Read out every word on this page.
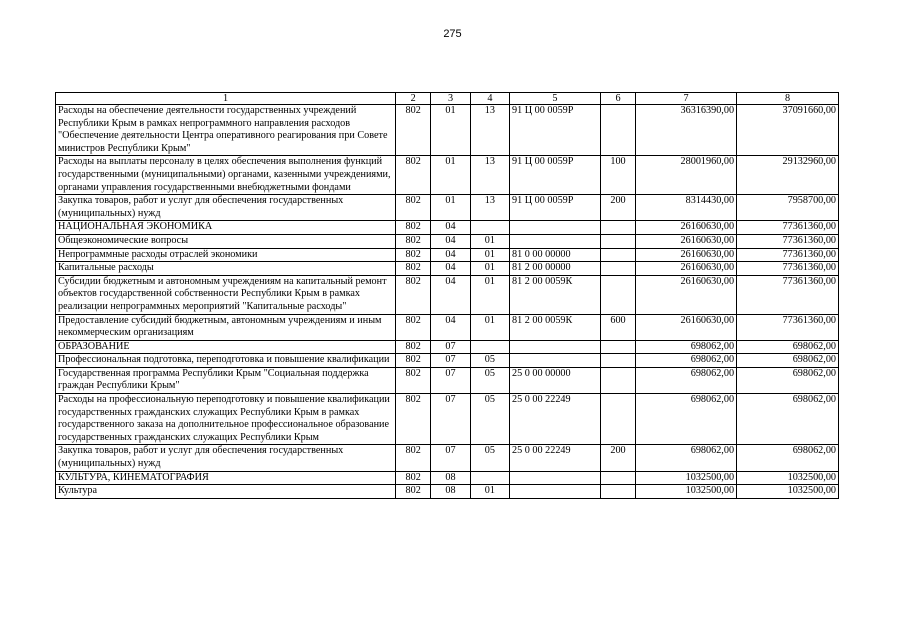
275
1	2	3	4	5	6	7	8
Расходы на обеспечение деятельности государственных учреждений Республики Крым в рамках непрограммного направления расходов "Обеспечение деятельности Центра оперативного реагирования при Совете министров Республики Крым"	802	01	13	91 Ц 00 0059Р		36316390,00	37091660,00
Расходы на выплаты персоналу в целях обеспечения выполнения функций государственными (муниципальными) органами, казенными учреждениями, органами управления государственными внебюджетными фондами	802	01	13	91 Ц 00 0059Р	100	28001960,00	29132960,00
Закупка товаров, работ и услуг для обеспечения государственных (муниципальных) нужд	802	01	13	91 Ц 00 0059Р	200	8314430,00	7958700,00
НАЦИОНАЛЬНАЯ ЭКОНОМИКА	802	04				26160630,00	77361360,00
Общеэкономические вопросы	802	04	01			26160630,00	77361360,00
Непрограммные расходы отраслей экономики	802	04	01	81 0 00 00000		26160630,00	77361360,00
Капитальные расходы	802	04	01	81 2 00 00000		26160630,00	77361360,00
Субсидии бюджетным и автономным учреждениям на капитальный ремонт объектов государственной собственности Республики Крым в рамках реализации непрограммных мероприятий "Капитальные расходы"	802	04	01	81 2 00 0059К		26160630,00	77361360,00
Предоставление субсидий бюджетным, автономным учреждениям и иным некоммерческим организациям	802	04	01	81 2 00 0059К	600	26160630,00	77361360,00
ОБРАЗОВАНИЕ	802	07				698062,00	698062,00
Профессиональная подготовка, переподготовка и повышение квалификации	802	07	05			698062,00	698062,00
Государственная программа Республики Крым "Социальная поддержка граждан Республики Крым"	802	07	05	25 0 00 00000		698062,00	698062,00
Расходы на профессиональную переподготовку и повышение квалификации государственных гражданских служащих Республики Крым в рамках государственного заказа на дополнительное профессиональное образование государственных гражданских служащих Республики Крым	802	07	05	25 0 00 22249		698062,00	698062,00
Закупка товаров, работ и услуг для обеспечения государственных (муниципальных) нужд	802	07	05	25 0 00 22249	200	698062,00	698062,00
КУЛЬТУРА, КИНЕМАТОГРАФИЯ	802	08				1032500,00	1032500,00
Культура	802	08	01			1032500,00	1032500,00
